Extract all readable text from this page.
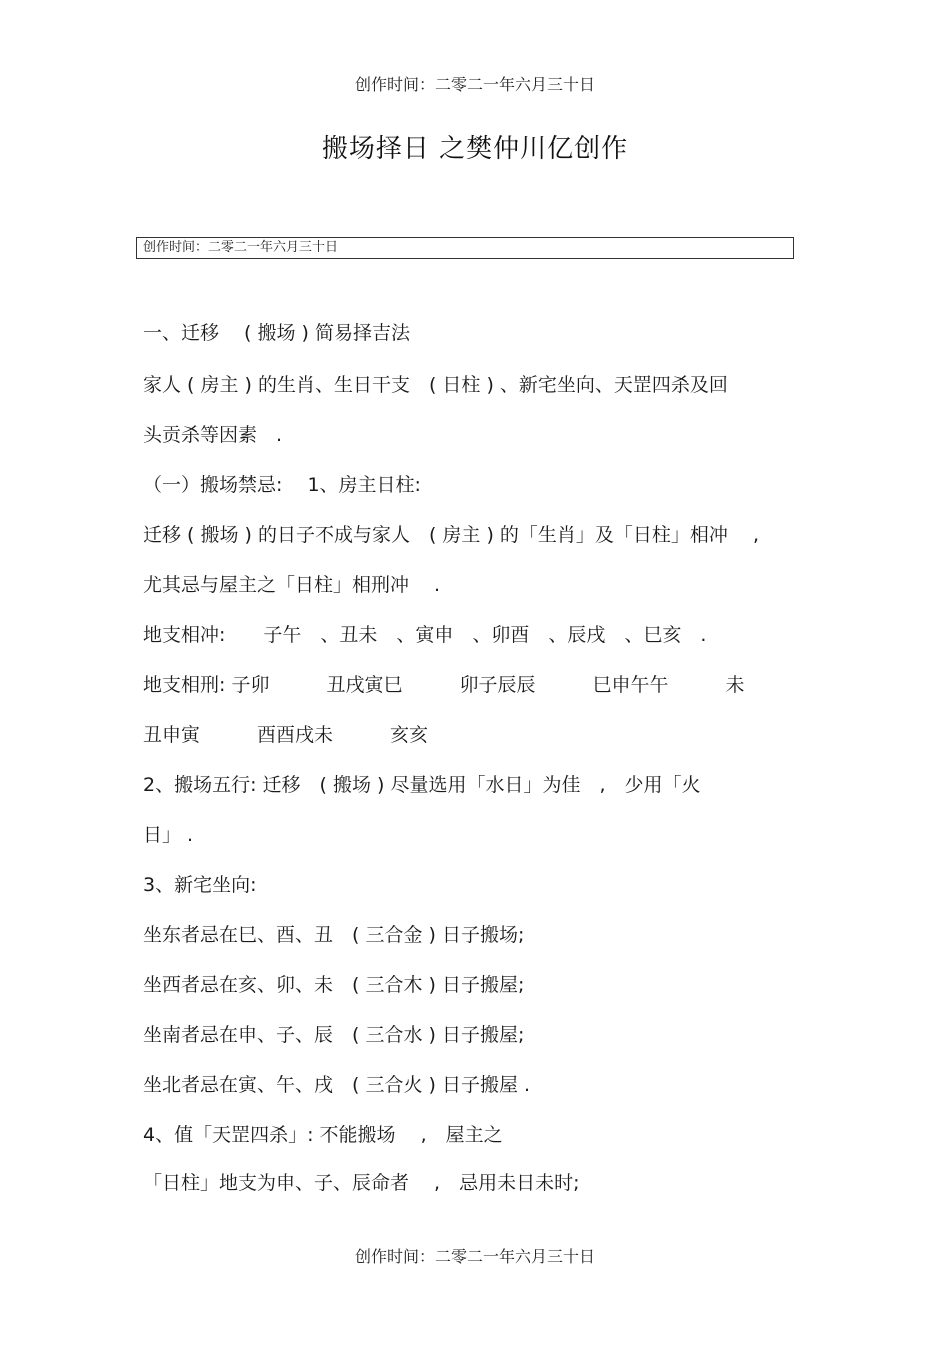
创作时间：二零二一年六月三十日
搬场择日 之樊仲川亿创作
创作时间：二零二一年六月三十日
一、迁移　 ( 搬场 ) 简易择吉法
家人 ( 房主 ) 的生肖、生日干支　( 日柱 ) 、新宅坐向、天罡四杀及回
头贡杀等因素　.
（一）搬场禁忌:　 1、房主日柱:
迁移 ( 搬场 ) 的日子不成与家人　( 房主 ) 的「生肖」及「日柱」相冲　 ,
尤其忌与屋主之「日柱」相刑冲　 .
地支相冲:　　子午　、丑未　、寅申　、卯酉　、辰戌　、巳亥　.
地支相刑: 子卯　　　丑戌寅巳　　　卯子辰辰　　　巳申午午　　　未
丑申寅　　　酉酉戌未　　　亥亥
2、搬场五行: 迁移　( 搬场 ) 尽量选用「水日」为佳　,　少用「火
日」 .
3、新宅坐向:
坐东者忌在巳、酉、丑　( 三合金 ) 日子搬场;
坐西者忌在亥、卯、未　( 三合木 ) 日子搬屋;
坐南者忌在申、子、辰　( 三合水 ) 日子搬屋;
坐北者忌在寅、午、戌　( 三合火 ) 日子搬屋 .
4、值「天罡四杀」: 不能搬场　 ,　屋主之
「日柱」地支为申、子、辰命者　 ,　忌用未日未时;
创作时间：二零二一年六月三十日
